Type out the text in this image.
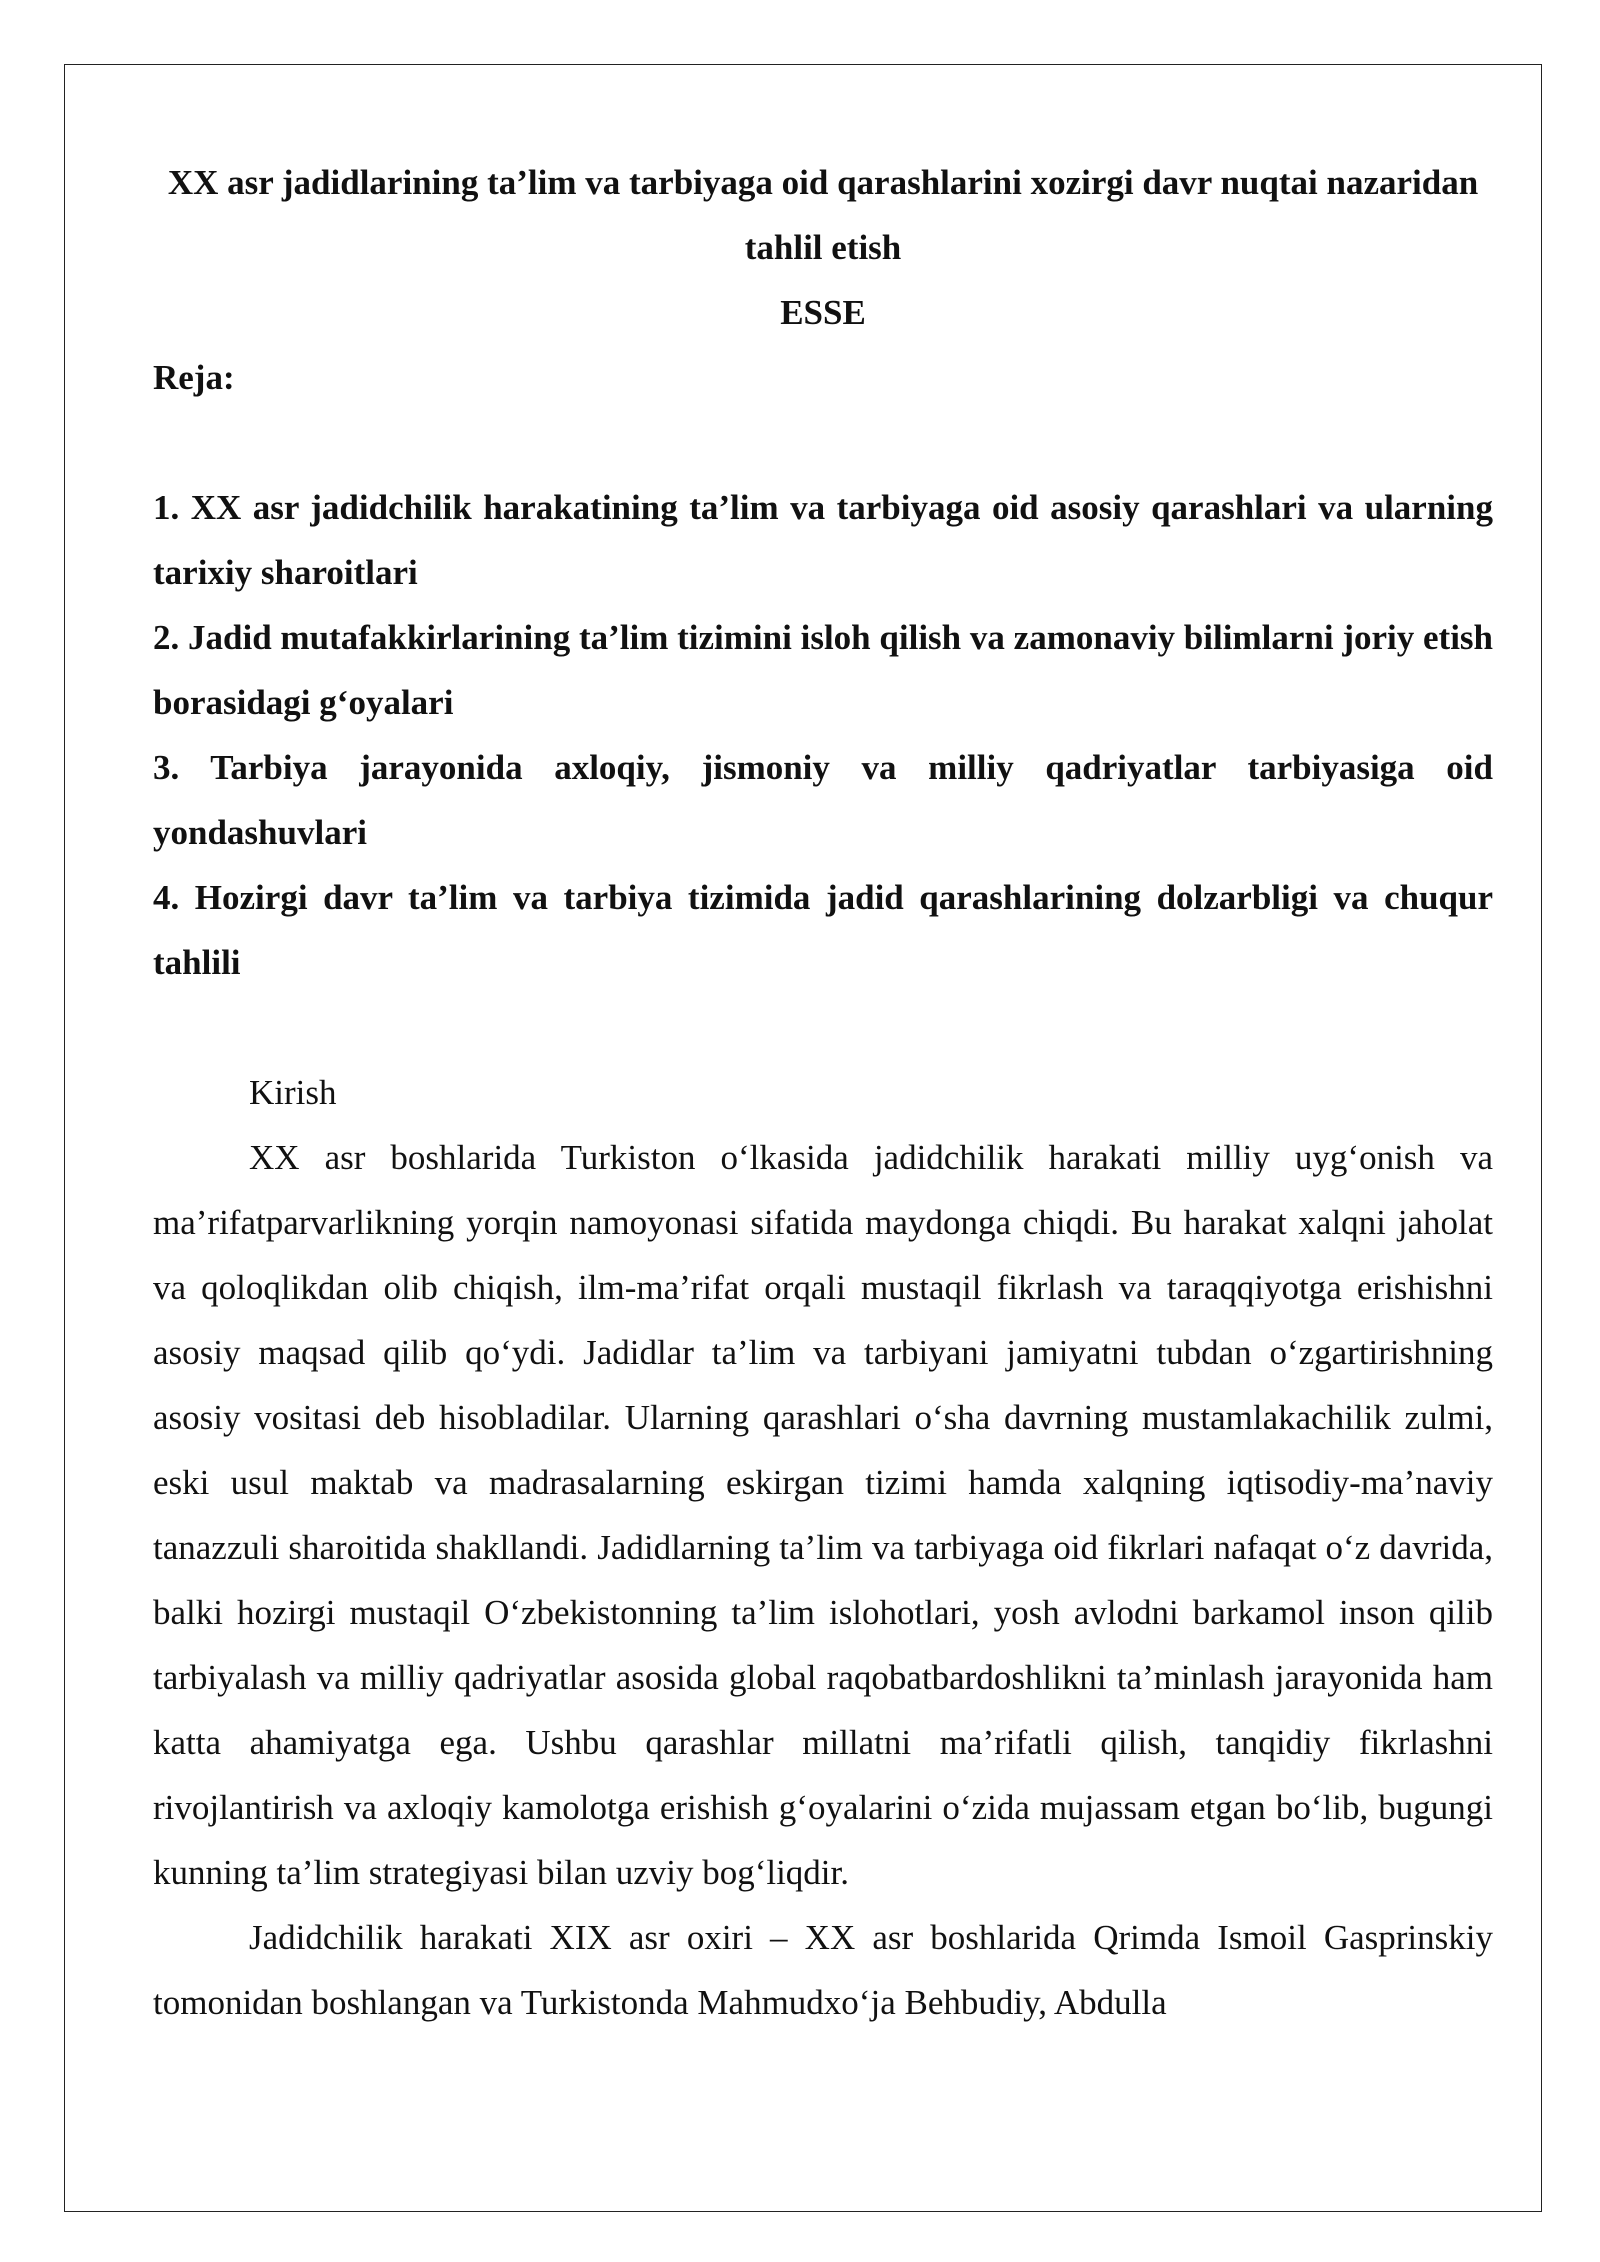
XX asr jadidlarining ta’lim va tarbiyaga oid qarashlarini xozirgi davr nuqtai nazaridan tahlil etish

ESSE

Reja:

1. XX asr jadidchilik harakatining ta’lim va tarbiyaga oid asosiy qarashlari va ularning tarixiy sharoitlari

2. Jadid mutafakkirlarining ta’lim tizimini isloh qilish va zamonaviy bilimlarni joriy etish borasidagi g‘oyalari

3. Tarbiya jarayonida axloqiy, jismoniy va milliy qadriyatlar tarbiyasiga oid yondashuvlari

4. Hozirgi davr ta’lim va tarbiya tizimida jadid qarashlarining dolzarbligi va chuqur tahlili

Kirish

XX asr boshlarida Turkiston o‘lkasida jadidchilik harakati milliy uyg‘onish va ma’rifatparvarlikning yorqin namoyonasi sifatida maydonga chiqdi. Bu harakat xalqni jaholat va qoloqlikdan olib chiqish, ilm-ma’rifat orqali mustaqil fikrlash va taraqqiyotga erishishni asosiy maqsad qilib qo‘ydi. Jadidlar ta’lim va tarbiyani jamiyatni tubdan o‘zgartirishning asosiy vositasi deb hisobladilar. Ularning qarashlari o‘sha davrning mustamlakachilik zulmi, eski usul maktab va madrasalarning eskirgan tizimi hamda xalqning iqtisodiy-ma’naviy tanazzuli sharoitida shakllandi. Jadidlarning ta’lim va tarbiyaga oid fikrlari nafaqat o‘z davrida, balki hozirgi mustaqil O‘zbekistonning ta’lim islohotlari, yosh avlodni barkamol inson qilib tarbiyalash va milliy qadriyatlar asosida global raqobatbardoshlikni ta’minlash jarayonida ham katta ahamiyatga ega. Ushbu qarashlar millatni ma’rifatli qilish, tanqidiy fikrlashni rivojlantirish va axloqiy kamolotga erishish g‘oyalarini o‘zida mujassam etgan bo‘lib, bugungi kunning ta’lim strategiyasi bilan uzviy bog‘liqdir.

Jadidchilik harakati XIX asr oxiri – XX asr boshlarida Qrimda Ismoil Gasprinskiy tomonidan boshlangan va Turkistonda Mahmudxo‘ja Behbudiy, Abdulla
